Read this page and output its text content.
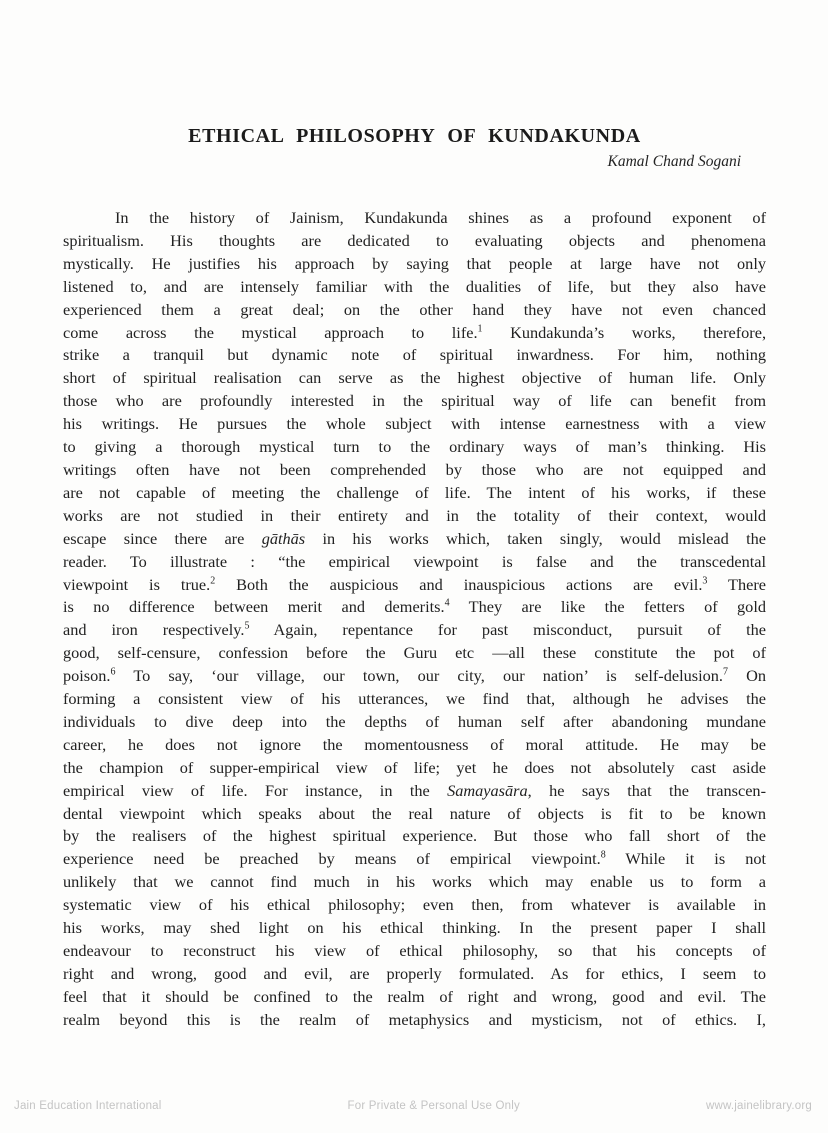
ETHICAL PHILOSOPHY OF KUNDAKUNDA
Kamal Chand Sogani
In the history of Jainism, Kundakunda shines as a profound exponent of
spiritualism. His thoughts are dedicated to evaluating objects and phenomena
mystically. He justifies his approach by saying that people at large have not only
listened to, and are intensely familiar with the dualities of life, but they also have
experienced them a great deal; on the other hand they have not even chanced
come across the mystical approach to life.$^1$ Kundakunda’s works, therefore,
strike a tranquil but dynamic note of spiritual inwardness. For him, nothing
short of spiritual realisation can serve as the highest objective of human life. Only
those who are profoundly interested in the spiritual way of life can benefit from
his writings. He pursues the whole subject with intense earnestness with a view
to giving a thorough mystical turn to the ordinary ways of man’s thinking. His
writings often have not been comprehended by those who are not equipped and
are not capable of meeting the challenge of life. The intent of his works, if these
works are not studied in their entirety and in the totality of their context, would
escape since there are gāthās in his works which, taken singly, would mislead the
reader. To illustrate : “the empirical viewpoint is false and the transcedental
viewpoint is true.$^2$ Both the auspicious and inauspicious actions are evil.$^3$ There
is no difference between merit and demerits.$^4$ They are like the fetters of gold
and iron respectively.$^5$ Again, repentance for past misconduct, pursuit of the
good, self-censure, confession before the Guru etc —all these constitute the pot of
poison.$^6$ To say, ‘our village, our town, our city, our nation’ is self-delusion.$^7$ On
forming a consistent view of his utterances, we find that, although he advises the
individuals to dive deep into the depths of human self after abandoning mundane
career, he does not ignore the momentousness of moral attitude. He may be
the champion of supper-empirical view of life; yet he does not absolutely cast aside
empirical view of life. For instance, in the Samayasāra, he says that the transcen-
dental viewpoint which speaks about the real nature of objects is fit to be known
by the realisers of the highest spiritual experience. But those who fall short of the
experience need be preached by means of empirical viewpoint.$^8$ While it is not
unlikely that we cannot find much in his works which may enable us to form a
systematic view of his ethical philosophy; even then, from whatever is available in
his works, may shed light on his ethical thinking. In the present paper I shall
endeavour to reconstruct his view of ethical philosophy, so that his concepts of
right and wrong, good and evil, are properly formulated. As for ethics, I seem to
feel that it should be confined to the realm of right and wrong, good and evil. The
realm beyond this is the realm of metaphysics and mysticism, not of ethics. I,
Jain Education International	For Private & Personal Use Only	www.jainelibrary.org
